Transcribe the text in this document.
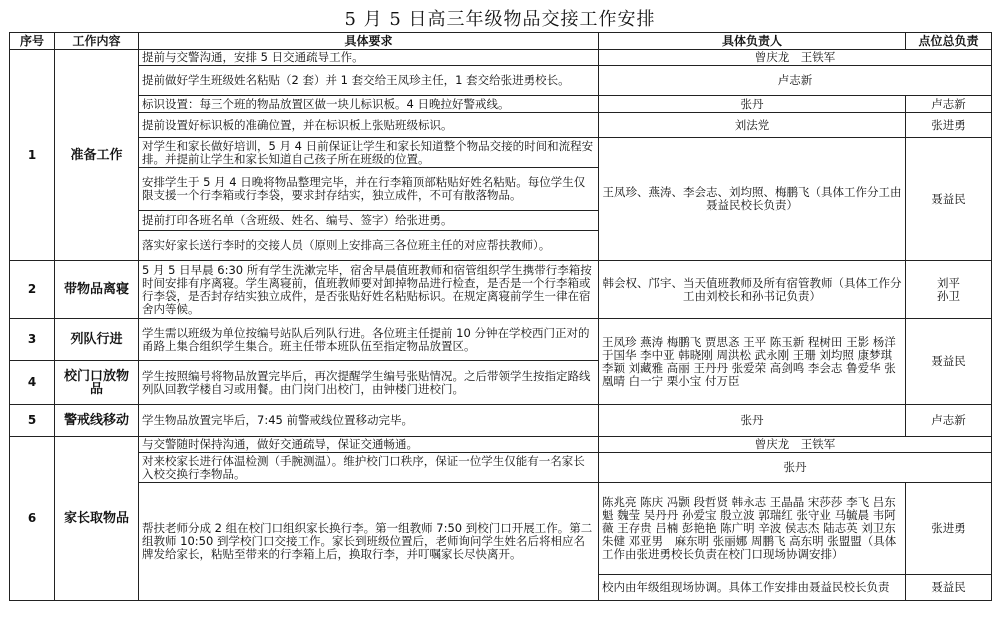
5 月 5 日高三年级物品交接工作安排
序号	工作内容	具体要求	具体负责人	点位总负责
1	准备工作	提前与交警沟通，安排 5 日交通疏导工作。	曾庆龙　王铁军	
		提前做好学生班级姓名粘贴（2 套）并 1 套交给王凤珍主任，1 套交给张进勇校长。	卢志新	
		标识设置：每三个班的物品放置区做一块儿标识板。4 日晚拉好警戒线。	张丹	卢志新
		提前设置好标识板的准确位置，并在标识板上张贴班级标识。	刘法党	张进勇
		对学生和家长做好培训，5 月 4 日前保证让学生和家长知道整个物品交接的时间和流程安排。并提前让学生和家长知道自己孩子所在班级的位置。	王凤珍、燕涛、李会志、刘均照、梅鹏飞（具体工作分工由聂益民校长负责）	聂益民
		安排学生于 5 月 4 日晚将物品整理完毕，并在行李箱顶部粘贴好姓名粘贴。每位学生仅限支援一个行李箱或行李袋，要求封存结实，独立成件，不可有散落物品。		
		提前打印各班名单（含班级、姓名、编号、签字）给张进勇。		
		落实好家长送行李时的交接人员（原则上安排高三各位班主任的对应帮扶教师）。		
2	带物品离寝	5 月 5 日早晨 6:30 所有学生洗漱完毕，宿舍早晨值班教师和宿管组织学生携带行李箱按时间安排有序离寝。学生离寝前，值班教师要对卸掉物品进行检查，是否是一个行李箱或行李袋，是否封存结实独立成件，是否张贴好姓名粘贴标识。在规定离寝前学生一律在宿舍内等候。	韩会权、邝宇、当天值班教师及所有宿管教师（具体工作分工由刘校长和孙书记负责）	刘平
孙卫
3	列队行进	学生需以班级为单位按编号站队后列队行进。各位班主任提前 10 分钟在学校西门正对的甬路上集合组织学生集合。班主任带本班队伍至指定物品放置区。	王凤珍 燕涛 梅鹏飞 贾思忞 王平 陈玉新 程树田 王影 杨洋 于国华 李中亚 韩晓刚 周洪松 武永刚 王珊 刘均照 康梦琪 李颖 刘藏雅 高丽 王丹丹 张爱荣 高剑鸣 李会志 鲁爱华 张凰晴 白一宁 栗小宝 付万臣	聂益民
4	校门口放物品	学生按照编号将物品放置完毕后，再次提醒学生编号张贴情况。之后带领学生按指定路线列队回教学楼自习或用餐。由门岗门出校门，由钟楼门进校门。		
5	警戒线移动	学生物品放置完毕后，7:45 前警戒线位置移动完毕。	张丹	卢志新
6	家长取物品	与交警随时保持沟通，做好交通疏导，保证交通畅通。	曾庆龙　王铁军	
		对来校家长进行体温检测（手腕测温）。维护校门口秩序，保证一位学生仅能有一名家长入校交换行李物品。	张丹	
		帮扶老师分成 2 组在校门口组织家长换行李。第一组教师 7:50 到校门口开展工作。第二组教师 10:50 到学校门口交接工作。家长到班级位置后，老师询问学生姓名后将相应名牌发给家长，粘贴至带来的行李箱上后，换取行李，并叮嘱家长尽快离开。	陈兆亮 陈庆 冯颢 段哲贤 韩永志 王晶晶 宋莎莎 李飞 吕东魁 魏莹 吴丹丹 孙爱宝 殷立波 郭瑞红 张守业 马毓晨 韦阿薇 王存贵 吕楠 彭艳艳 陈广明 辛波 侯志杰 陆志英 刘卫东 朱健 邓亚男　麻东明 张丽娜 周鹏飞 高东明 张盟盟（具体工作由张进勇校长负责在校门口现场协调安排）	张进勇
			校内由年级组现场协调。具体工作安排由聂益民校长负责	聂益民
